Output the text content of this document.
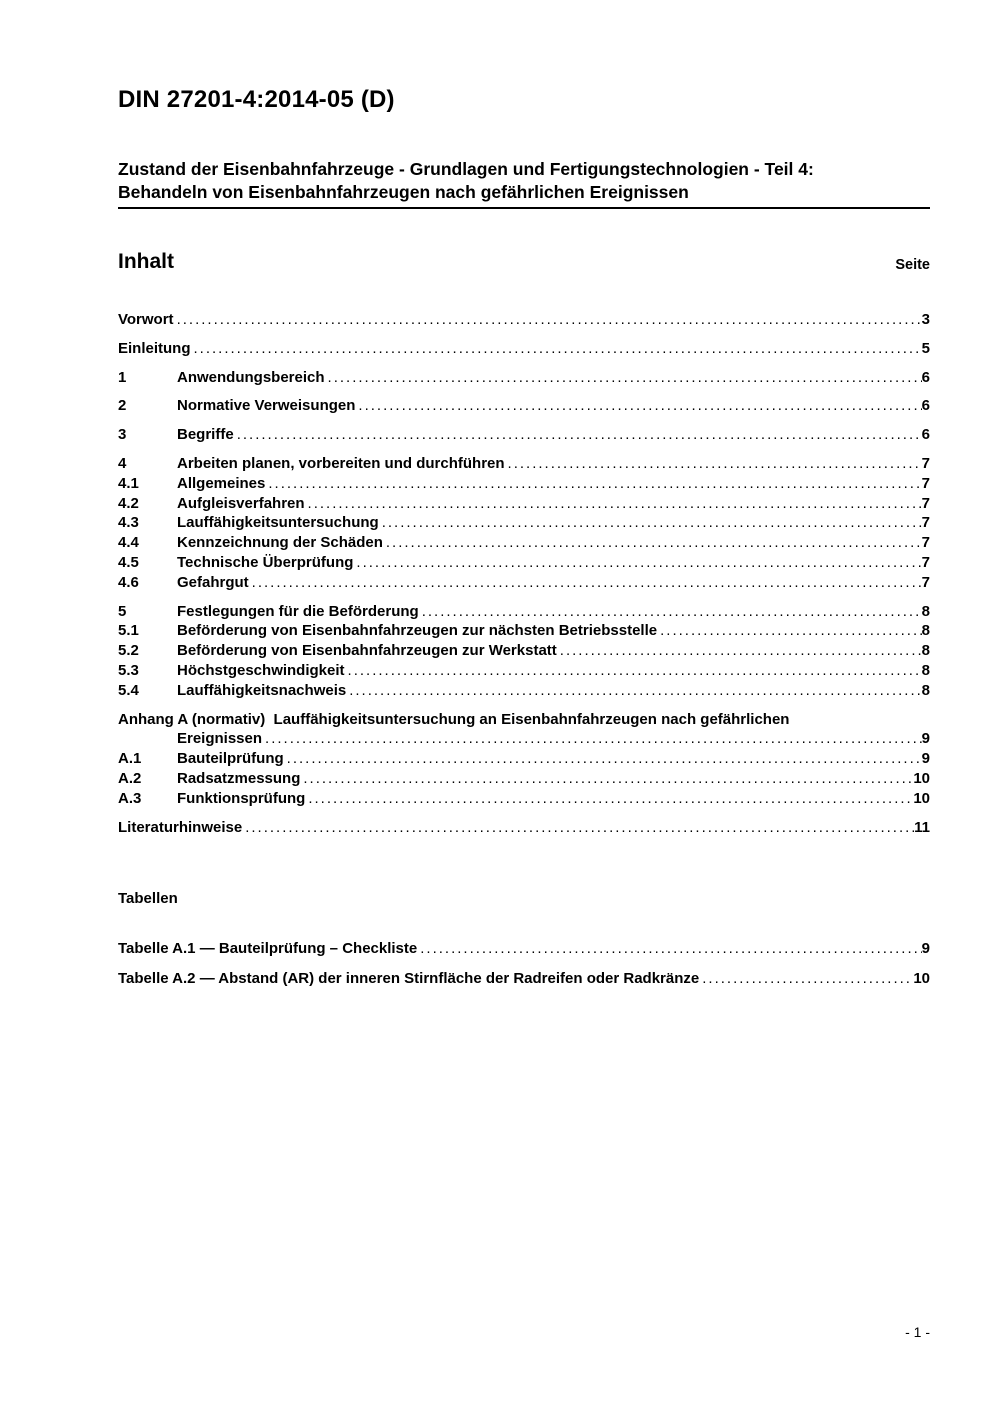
DIN 27201-4:2014-05 (D)
Zustand der Eisenbahnfahrzeuge - Grundlagen und Fertigungstechnologien - Teil 4:
Behandeln von Eisenbahnfahrzeugen nach gefährlichen Ereignissen
Inhalt	Seite
Vorwort .....	3
Einleitung .....	5
1	Anwendungsbereich .....	6
2	Normative Verweisungen .....	6
3	Begriffe .....	6
4	Arbeiten planen, vorbereiten und durchführen .....	7
4.1	Allgemeines .....	7
4.2	Aufgleisverfahren .....	7
4.3	Lauffähigkeitsuntersuchung .....	7
4.4	Kennzeichnung der Schäden .....	7
4.5	Technische Überprüfung .....	7
4.6	Gefahrgut .....	7
5	Festlegungen für die Beförderung .....	8
5.1	Beförderung von Eisenbahnfahrzeugen zur nächsten Betriebsstelle .....	8
5.2	Beförderung von Eisenbahnfahrzeugen zur Werkstatt .....	8
5.3	Höchstgeschwindigkeit .....	8
5.4	Lauffähigkeitsnachweis .....	8
Anhang A (normativ)  Lauffähigkeitsuntersuchung an Eisenbahnfahrzeugen nach gefährlichen
Ereignissen .....	9
A.1	Bauteilprüfung .....	9
A.2	Radsatzmessung .....	10
A.3	Funktionsprüfung .....	10
Literaturhinweise .....	11
Tabellen
Tabelle A.1 — Bauteilprüfung – Checkliste .....	9
Tabelle A.2 — Abstand (AR) der inneren Stirnfläche der Radreifen oder Radkränze .....	10
- 1 -
